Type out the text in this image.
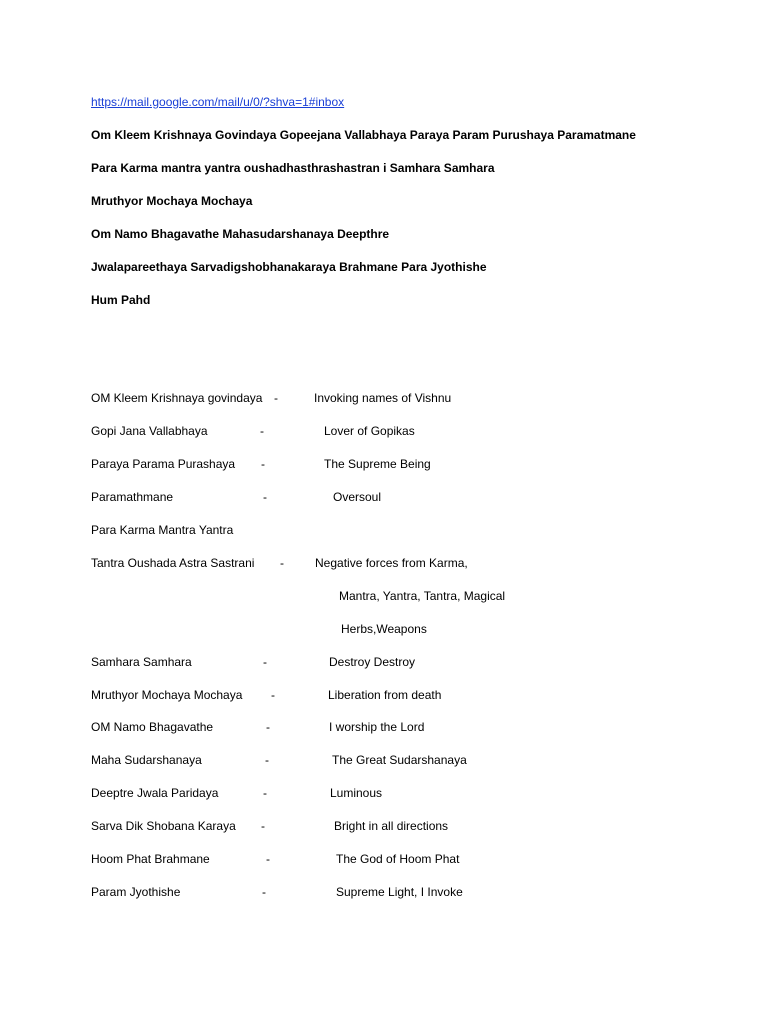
https://mail.google.com/mail/u/0/?shva=1#inbox
Om Kleem Krishnaya Govindaya Gopeejana Vallabhaya Paraya Param Purushaya Paramatmane
Para Karma mantra yantra oushadhasthrashastran i Samhara Samhara
Mruthyor Mochaya Mochaya
Om Namo Bhagavathe Mahasudarshanaya Deepthre
Jwalapareethaya Sarvadigshobhanakaraya Brahmane Para Jyothishe
Hum Pahd
OM Kleem Krishnaya govindaya -	Invoking names of Vishnu
Gopi Jana Vallabhaya	-	Lover of Gopikas
Paraya Parama Purashaya -	The Supreme Being
Paramathmane	-	Oversoul
Para Karma Mantra Yantra
Tantra Oushada Astra Sastrani -	Negative forces from Karma,
Mantra, Yantra, Tantra, Magical
Herbs,Weapons
Samhara Samhara	-	Destroy Destroy
Mruthyor Mochaya Mochaya -	Liberation from death
OM Namo Bhagavathe	-	I worship the Lord
Maha Sudarshanaya	-	The Great Sudarshanaya
Deeptre Jwala Paridaya	-	Luminous
Sarva Dik Shobana Karaya -	Bright in all directions
Hoom Phat Brahmane	-	The God of Hoom Phat
Param Jyothishe	-	Supreme Light, I Invoke
